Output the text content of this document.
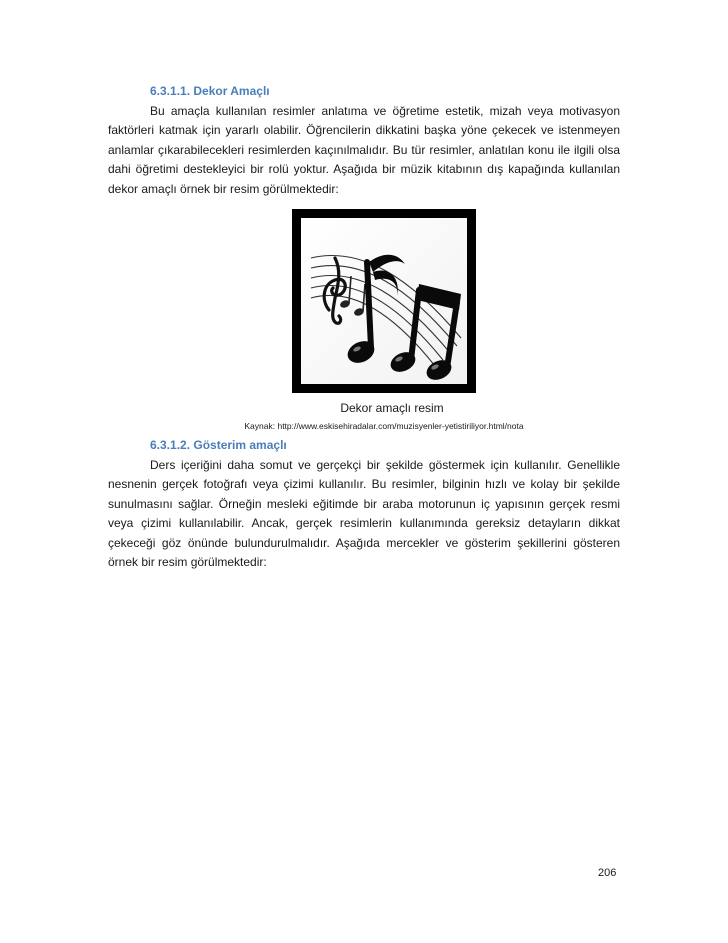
6.3.1.1. Dekor Amaçlı

Bu amaçla kullanılan resimler anlatıma ve öğretime estetik, mizah veya motivasyon faktörleri katmak için yararlı olabilir. Öğrencilerin dikkatini başka yöne çekecek ve istenmeyen anlamlar çıkarabilecekleri resimlerden kaçınılmalıdır. Bu tür resimler, anlatılan konu ile ilgili olsa dahi öğretimi destekleyici bir rolü yoktur. Aşağıda bir müzik kitabının dış kapağında kullanılan dekor amaçlı örnek bir resim görülmektedir:

Dekor amaçlı resim

Kaynak: http://www.eskisehiradalar.com/muzisyenler-yetistiriliyor.html/nota

6.3.1.2. Gösterim amaçlı

Ders içeriğini daha somut ve gerçekçi bir şekilde göstermek için kullanılır. Genellikle nesnenin gerçek fotoğrafı veya çizimi kullanılır. Bu resimler, bilginin hızlı ve kolay bir şekilde sunulmasını sağlar. Örneğin mesleki eğitimde bir araba motorunun iç yapısının gerçek resmi veya çizimi kullanılabilir. Ancak, gerçek resimlerin kullanımında gereksiz detayların dikkat çekeceği göz önünde bulundurulmalıdır. Aşağıda mercekler ve gösterim şekillerini gösteren örnek bir resim görülmektedir:

206
